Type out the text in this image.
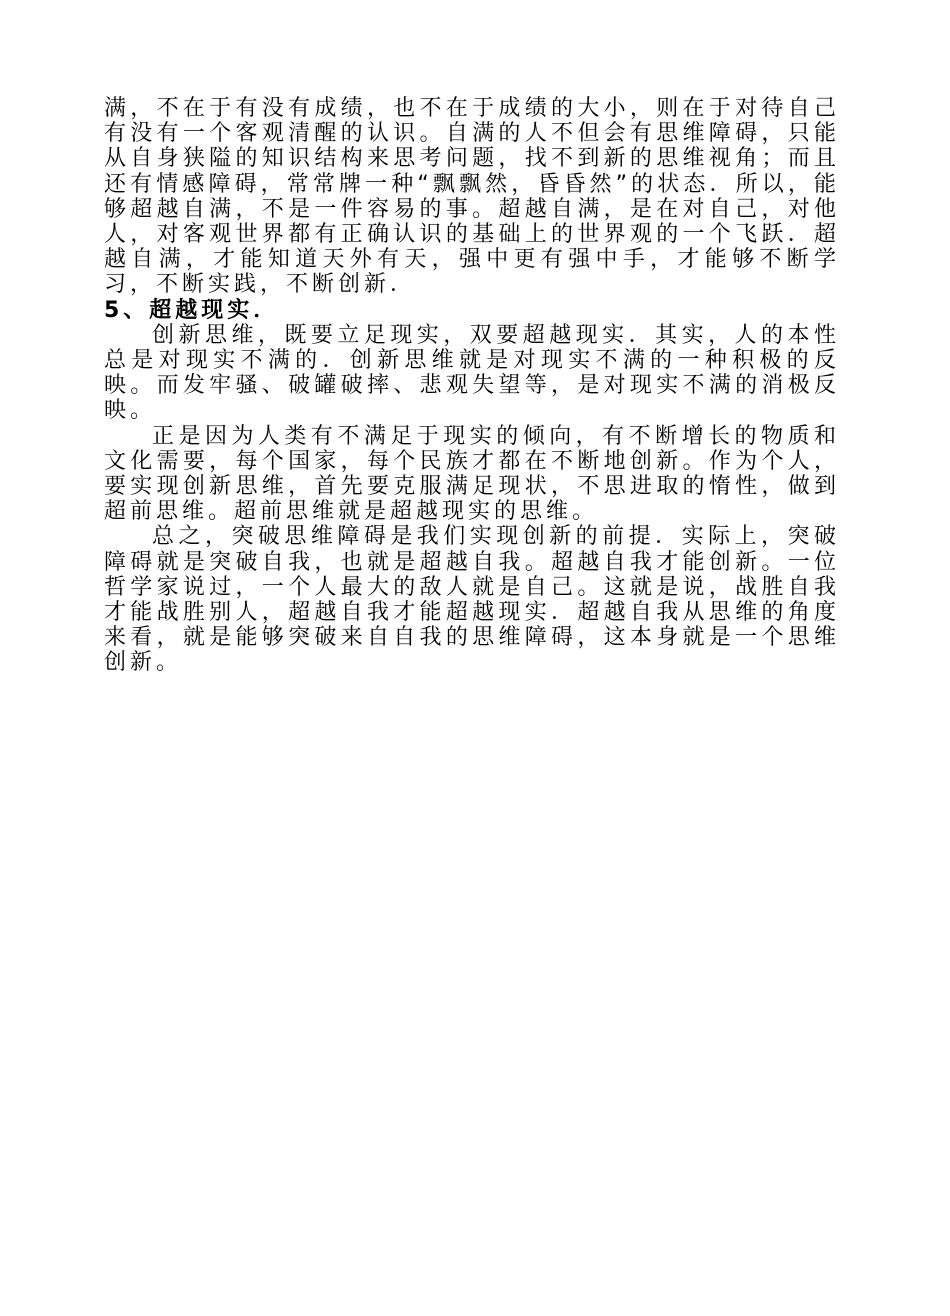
满，不在于有没有成绩，也不在于成绩的大小，则在于对待自己有没有一个客观清醒的认识。自满的人不但会有思维障碍，只能从自身狭隘的知识结构来思考问题，找不到新的思维视角；而且还有情感障碍，常常牌一种“飘飘然，昏昏然”的状态．所以，能够超越自满，不是一件容易的事。超越自满，是在对自己，对他人，对客观世界都有正确认识的基础上的世界观的一个飞跃．超越自满，才能知道天外有天，强中更有强中手，才能够不断学习，不断实践，不断创新．

5、超越现实．

创新思维，既要立足现实，双要超越现实．其实，人的本性总是对现实不满的．创新思维就是对现实不满的一种积极的反映。而发牢骚、破罐破摔、悲观失望等，是对现实不满的消极反映。

正是因为人类有不满足于现实的倾向，有不断增长的物质和文化需要，每个国家，每个民族才都在不断地创新。作为个人，要实现创新思维，首先要克服满足现状，不思进取的惰性，做到超前思维。超前思维就是超越现实的思维。

总之，突破思维障碍是我们实现创新的前提．实际上，突破障碍就是突破自我，也就是超越自我。超越自我才能创新。一位哲学家说过，一个人最大的敌人就是自己。这就是说，战胜自我才能战胜别人，超越自我才能超越现实．超越自我从思维的角度来看，就是能够突破来自自我的思维障碍，这本身就是一个思维创新。
